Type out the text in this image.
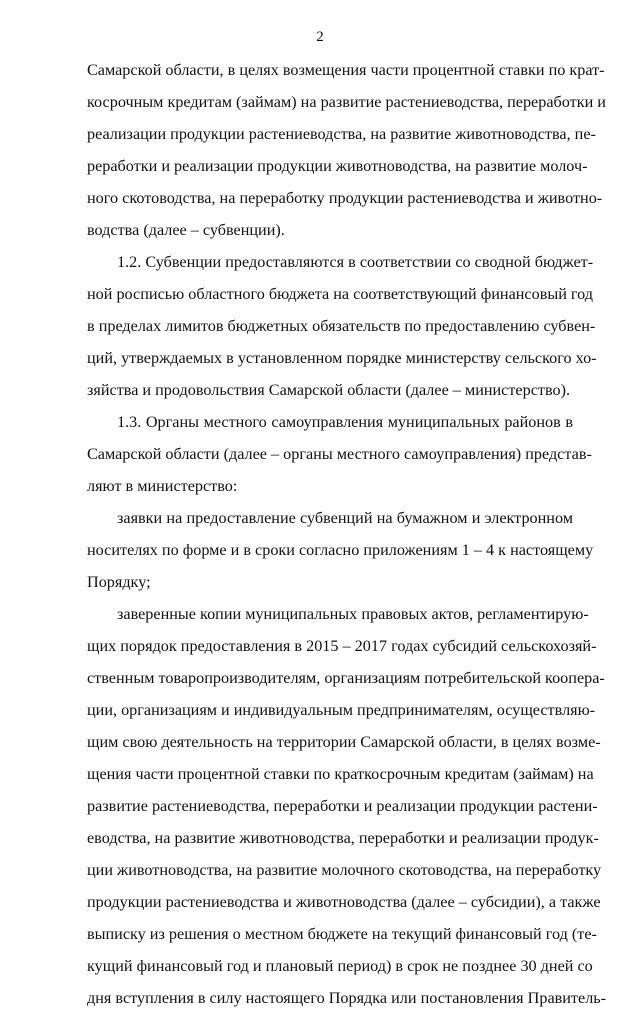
2
Самарской области, в целях возмещения части процентной ставки по крат-
косрочным кредитам (займам) на развитие растениеводства, переработки и
реализации продукции растениеводства, на развитие животноводства, пе-
реработки и реализации продукции животноводства, на развитие молоч-
ного скотоводства, на переработку продукции растениеводства и животно-
водства (далее – субвенции).
1.2. Субвенции предоставляются в соответствии со сводной бюджет-
ной росписью областного бюджета на соответствующий финансовый год
в пределах лимитов бюджетных обязательств по предоставлению субвен-
ций, утверждаемых в установленном порядке министерству сельского хо-
зяйства и продовольствия Самарской области (далее – министерство).
1.3. Органы местного самоуправления муниципальных районов в
Самарской области (далее – органы местного самоуправления) представ-
ляют в министерство:
заявки на предоставление субвенций на бумажном и электронном
носителях по форме и в сроки согласно приложениям 1 – 4 к настоящему
Порядку;
заверенные копии муниципальных правовых актов, регламентирую-
щих порядок предоставления в 2015 – 2017 годах субсидий сельскохозяй-
ственным товаропроизводителям, организациям потребительской коопера-
ции, организациям и индивидуальным предпринимателям, осуществляю-
щим свою деятельность на территории Самарской области, в целях возме-
щения части процентной ставки по краткосрочным кредитам (займам) на
развитие растениеводства, переработки и реализации продукции растени-
еводства, на развитие животноводства, переработки и реализации продук-
ции животноводства, на развитие молочного скотоводства, на переработку
продукции растениеводства и животноводства (далее – субсидии), а также
выписку из решения о местном бюджете на текущий финансовый год (те-
кущий финансовый год и плановый период) в срок не позднее 30 дней со
дня вступления в силу настоящего Порядка или постановления Правитель-
